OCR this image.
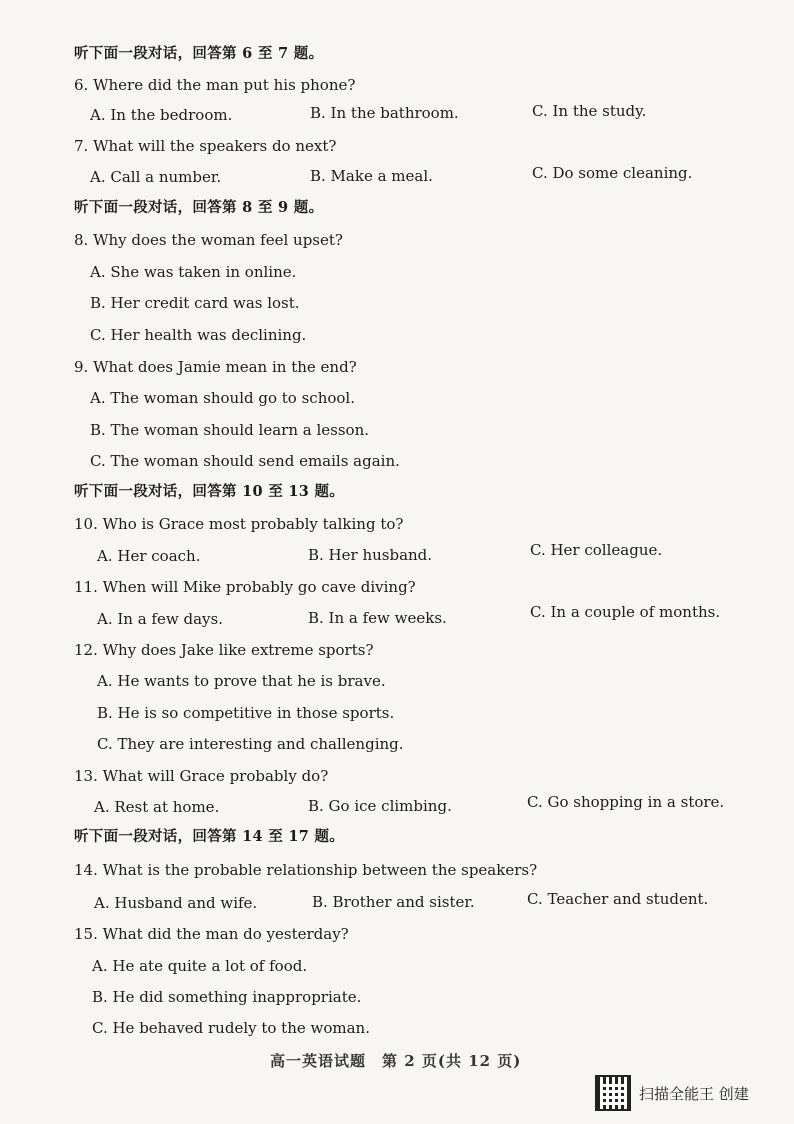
听下面一段对话，回答第 6 至 7 题。
6. Where did the man put his phone?
A. In the bedroom.	B. In the bathroom.	C. In the study.
7. What will the speakers do next?
A. Call a number.	B. Make a meal.	C. Do some cleaning.
听下面一段对话，回答第 8 至 9 题。
8. Why does the woman feel upset?
A. She was taken in online.
B. Her credit card was lost.
C. Her health was declining.
9. What does Jamie mean in the end?
A. The woman should go to school.
B. The woman should learn a lesson.
C. The woman should send emails again.
听下面一段对话，回答第 10 至 13 题。
10. Who is Grace most probably talking to?
A. Her coach.	B. Her husband.	C. Her colleague.
11. When will Mike probably go cave diving?
A. In a few days.	B. In a few weeks.	C. In a couple of months.
12. Why does Jake like extreme sports?
A. He wants to prove that he is brave.
B. He is so competitive in those sports.
C. They are interesting and challenging.
13. What will Grace probably do?
A. Rest at home.	B. Go ice climbing.	C. Go shopping in a store.
听下面一段对话，回答第 14 至 17 题。
14. What is the probable relationship between the speakers?
A. Husband and wife.	B. Brother and sister.	C. Teacher and student.
15. What did the man do yesterday?
A. He ate quite a lot of food.
B. He did something inappropriate.
C. He behaved rudely to the woman.
高一英语试题　第 2 页(共 12 页)
扫描全能王 创建
